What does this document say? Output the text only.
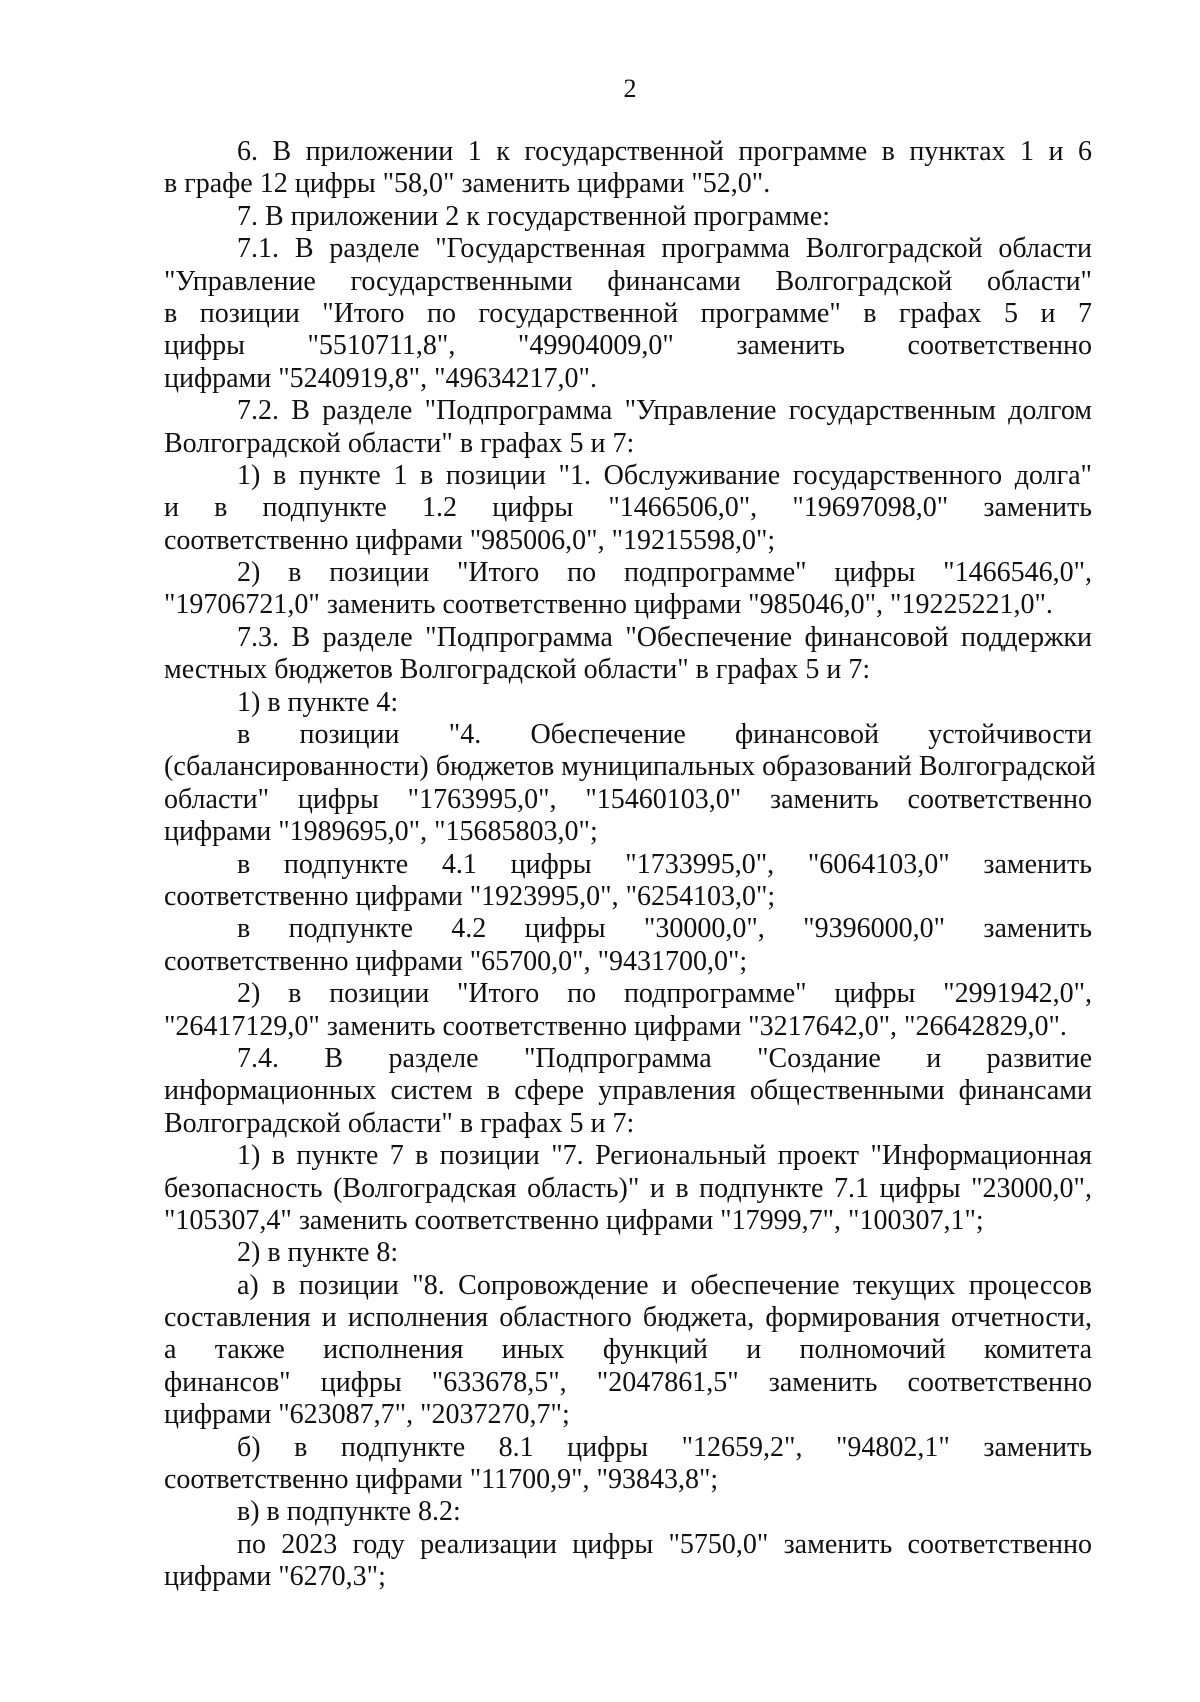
2
6. В приложении 1 к государственной программе в пунктах 1 и 6
в графе 12 цифры "58,0" заменить цифрами "52,0".
7. В приложении 2 к государственной программе:
7.1. В разделе "Государственная программа Волгоградской области
"Управление государственными финансами Волгоградской области"
в позиции "Итого по государственной программе" в графах 5 и 7
цифры "5510711,8", "49904009,0" заменить соответственно
цифрами "5240919,8", "49634217,0".
7.2. В разделе "Подпрограмма "Управление государственным долгом
Волгоградской области" в графах 5 и 7:
1) в пункте 1 в позиции "1. Обслуживание государственного долга"
и в подпункте 1.2 цифры "1466506,0", "19697098,0" заменить
соответственно цифрами "985006,0", "19215598,0";
2) в позиции "Итого по подпрограмме" цифры "1466546,0",
"19706721,0" заменить соответственно цифрами "985046,0", "19225221,0".
7.3. В разделе "Подпрограмма "Обеспечение финансовой поддержки
местных бюджетов Волгоградской области" в графах 5 и 7:
1) в пункте 4:
в позиции "4. Обеспечение финансовой устойчивости
(сбалансированности) бюджетов муниципальных образований Волгоградской
области" цифры "1763995,0", "15460103,0" заменить соответственно
цифрами "1989695,0", "15685803,0";
в подпункте 4.1 цифры "1733995,0", "6064103,0" заменить
соответственно цифрами "1923995,0", "6254103,0";
в подпункте 4.2 цифры "30000,0", "9396000,0" заменить
соответственно цифрами "65700,0", "9431700,0";
2) в позиции "Итого по подпрограмме" цифры "2991942,0",
"26417129,0" заменить соответственно цифрами "3217642,0", "26642829,0".
7.4. В разделе "Подпрограмма "Создание и развитие
информационных систем в сфере управления общественными финансами
Волгоградской области" в графах 5 и 7:
1) в пункте 7 в позиции "7. Региональный проект "Информационная
безопасность (Волгоградская область)" и в подпункте 7.1 цифры "23000,0",
"105307,4" заменить соответственно цифрами "17999,7", "100307,1";
2) в пункте 8:
а) в позиции "8. Сопровождение и обеспечение текущих процессов
составления и исполнения областного бюджета, формирования отчетности,
а также исполнения иных функций и полномочий комитета
финансов" цифры "633678,5", "2047861,5" заменить соответственно
цифрами "623087,7", "2037270,7";
б) в подпункте 8.1 цифры "12659,2", "94802,1" заменить
соответственно цифрами "11700,9", "93843,8";
в) в подпункте 8.2:
по 2023 году реализации цифры "5750,0" заменить соответственно
цифрами "6270,3";
